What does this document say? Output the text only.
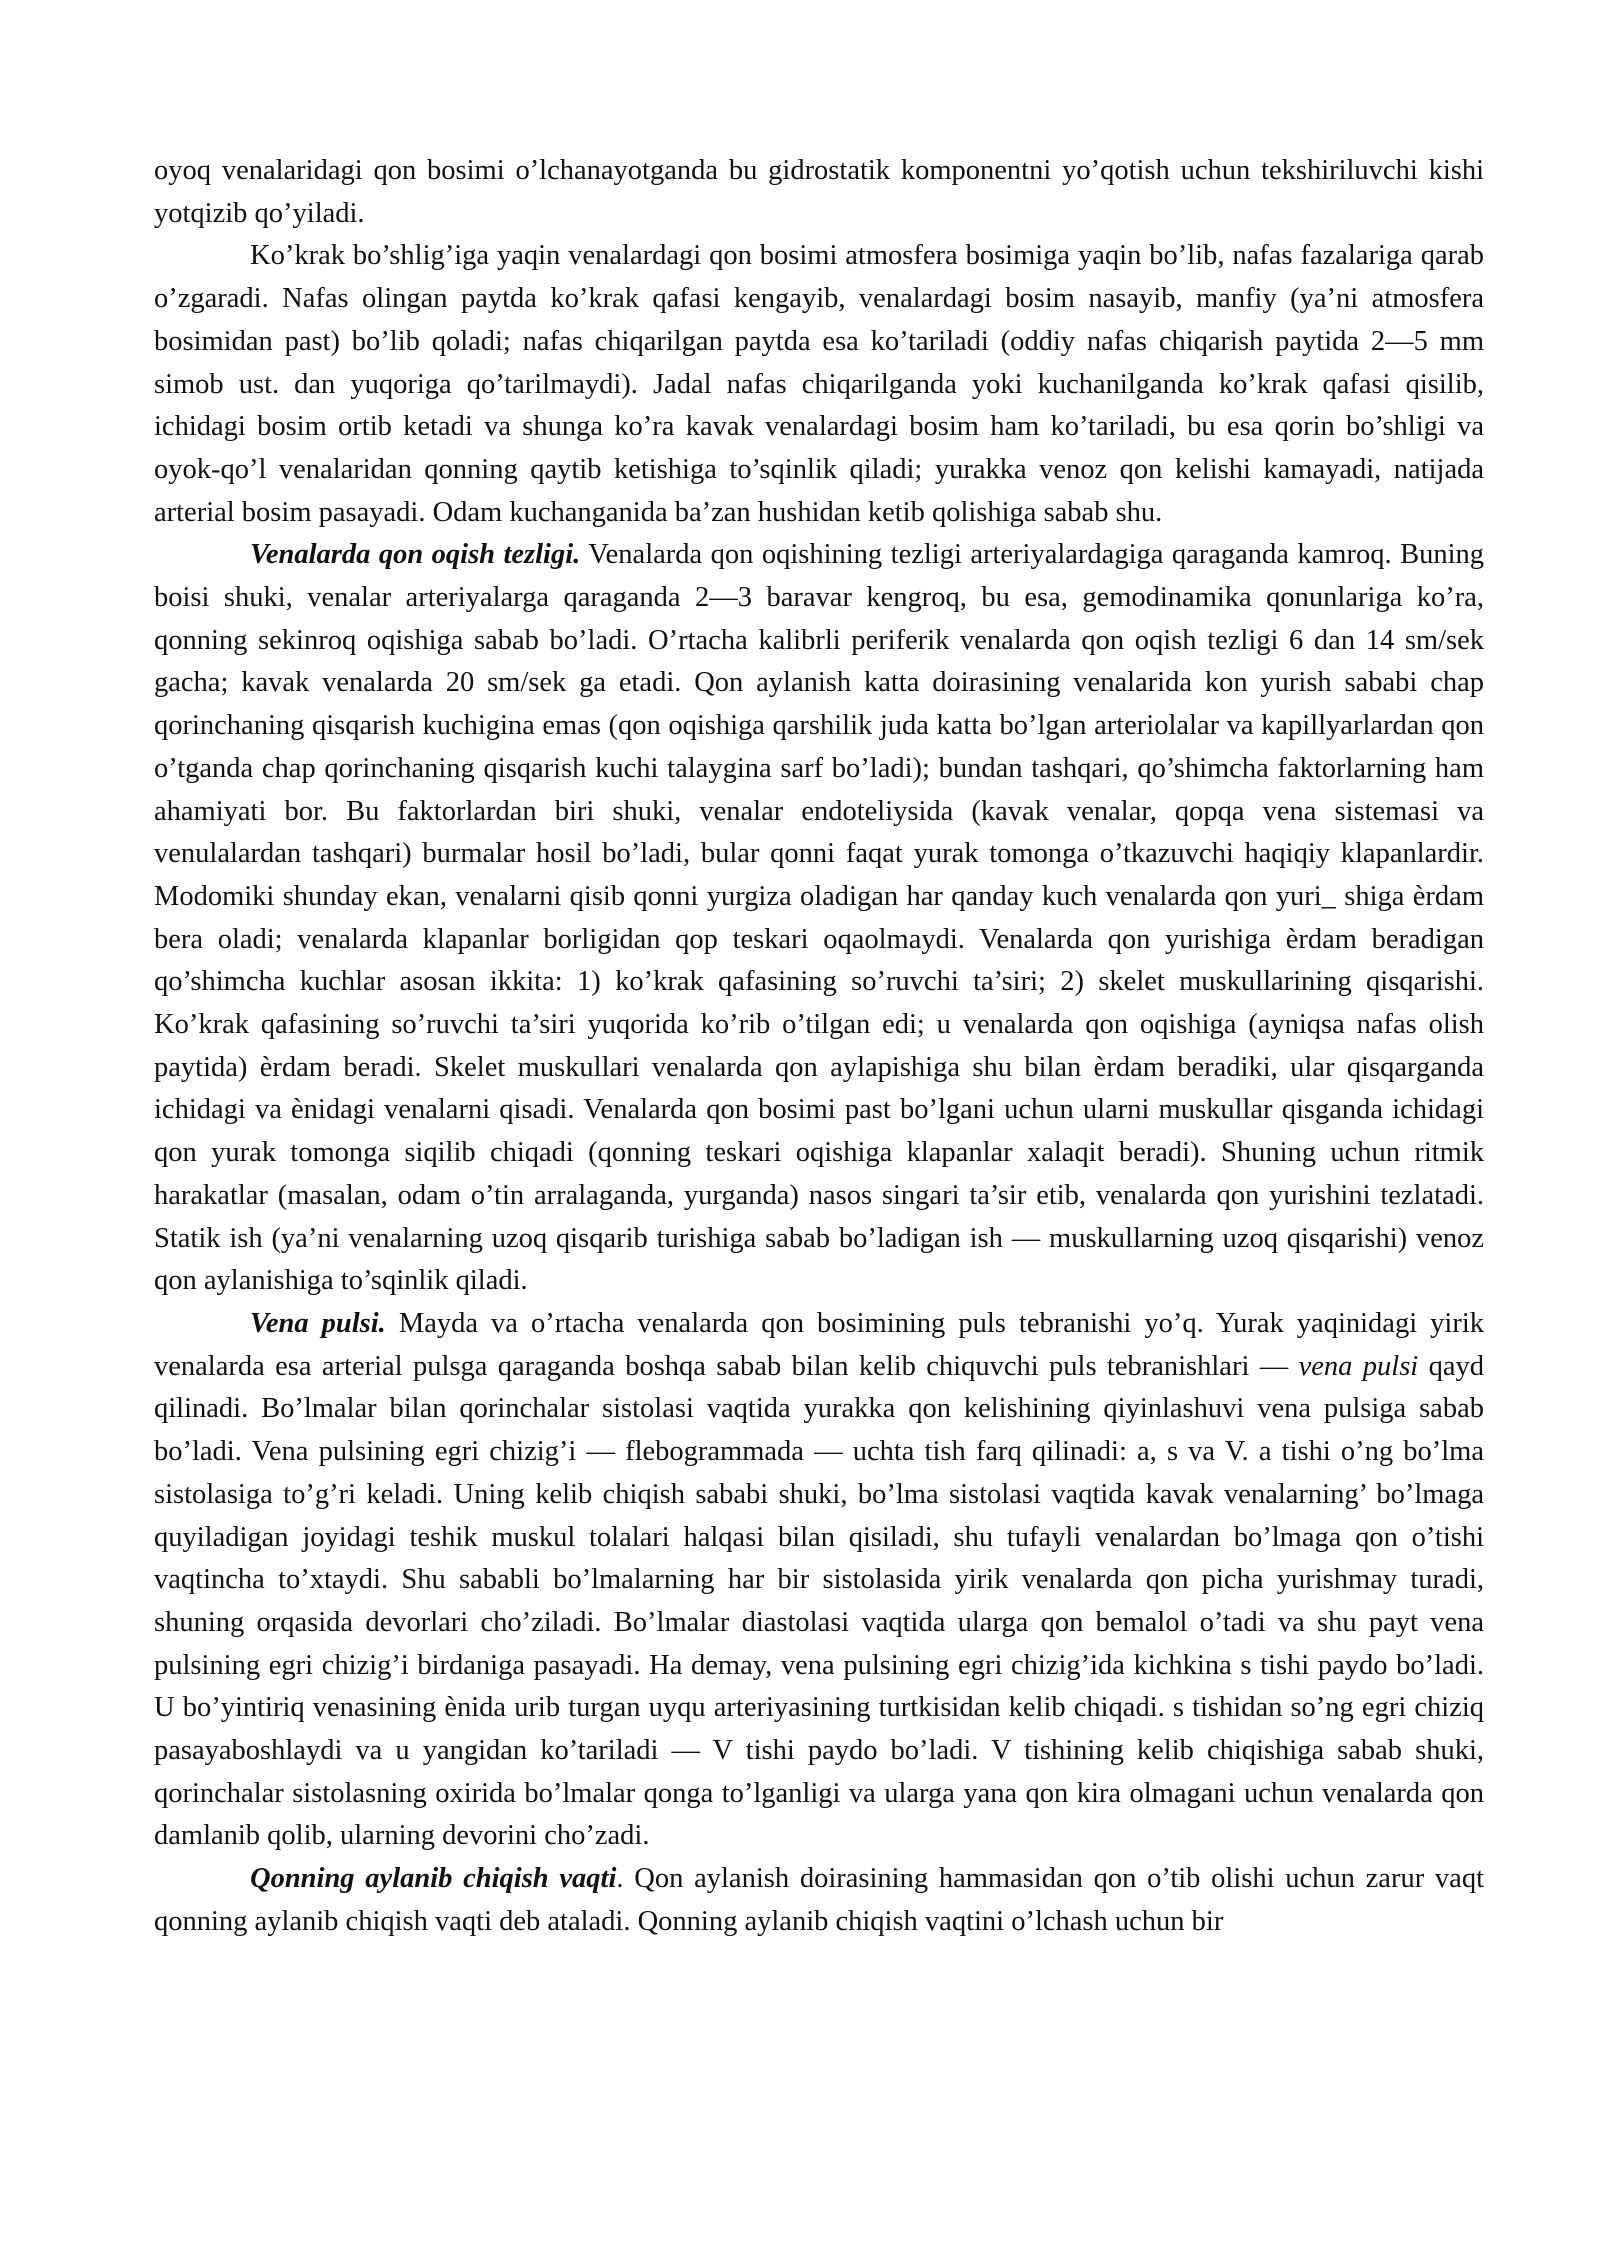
oyoq venalaridagi qon bosimi o’lchanayotganda bu gidrostatik komponentni yo’qotish uchun tekshiriluvchi kishi yotqizib qo’yiladi.

Ko’krak bo’shlig’iga yaqin venalardagi qon bosimi atmosfera bosimiga yaqin bo’lib, nafas fazalariga qarab o’zgaradi. Nafas olingan paytda ko’krak qafasi kengayib, venalardagi bosim nasayib, manfiy (ya’ni atmosfera bosimidan past) bo’lib qoladi; nafas chiqarilgan paytda esa ko’tariladi (oddiy nafas chiqarish paytida 2—5 mm simob ust. dan yuqoriga qo’tarilmaydi). Jadal nafas chiqarilganda yoki kuchanilganda ko’krak qafasi qisilib, ichidagi bosim ortib ketadi va shunga ko’ra kavak venalardagi bosim ham ko’tariladi, bu esa qorin bo’shligi va oyok-qo’l venalaridan qonning qaytib ketishiga to’sqinlik qiladi; yurakka venoz qon kelishi kamayadi, natijada arterial bosim pasayadi. Odam kuchanganida ba’zan hushidan ketib qolishiga sabab shu.

Venalarda qon oqish tezligi. Venalarda qon oqishining tezligi arteriyalardagiga qaraganda kamroq. Buning boisi shuki, venalar arteriyalarga qaraganda 2—3 baravar kengroq, bu esa, gemodinamika qonunlariga ko’ra, qonning sekinroq oqishiga sabab bo’ladi. O’rtacha kalibrli periferik venalarda qon oqish tezligi 6 dan 14 sm/sek gacha; kavak venalarda 20 sm/sek ga etadi. Qon aylanish katta doirasining venalarida kon yurish sababi chap qorinchaning qisqarish kuchigina emas (qon oqishiga qarshilik juda katta bo’lgan arteriolalar va kapillyarlardan qon o’tganda chap qorinchaning qisqarish kuchi talaygina sarf bo’ladi); bundan tashqari, qo’shimcha faktorlarning ham ahamiyati bor. Bu faktorlardan biri shuki, venalar endoteliysida (kavak venalar, qopqa vena sistemasi va venulalardan tashqari) burmalar hosil bo’ladi, bular qonni faqat yurak tomonga o’tkazuvchi haqiqiy klapanlardir. Modomiki shunday ekan, venalarni qisib qonni yurgiza oladigan har qanday kuch venalarda qon yuri_ shiga èrdam bera oladi; venalarda klapanlar borligidan qop teskari oqaolmaydi. Venalarda qon yurishiga èrdam beradigan qo’shimcha kuchlar asosan ikkita: 1) ko’krak qafasining so’ruvchi ta’siri; 2) skelet muskullarining qisqarishi. Ko’krak qafasining so’ruvchi ta’siri yuqorida ko’rib o’tilgan edi; u venalarda qon oqishiga (ayniqsa nafas olish paytida) èrdam beradi. Skelet muskullari venalarda qon aylapishiga shu bilan èrdam beradiki, ular qisqarganda ichidagi va ènidagi venalarni qisadi. Venalarda qon bosimi past bo’lgani uchun ularni muskullar qisganda ichidagi qon yurak tomonga siqilib chiqadi (qonning teskari oqishiga klapanlar xalaqit beradi). Shuning uchun ritmik harakatlar (masalan, odam o’tin arralaganda, yurganda) nasos singari ta’sir etib, venalarda qon yurishini tezlatadi. Statik ish (ya’ni venalarning uzoq qisqarib turishiga sabab bo’ladigan ish — muskullarning uzoq qisqarishi) venoz qon aylanishiga to’sqinlik qiladi.

Vena pulsi. Mayda va o’rtacha venalarda qon bosimining puls tebranishi yo’q. Yurak yaqinidagi yirik venalarda esa arterial pulsga qaraganda boshqa sabab bilan kelib chiquvchi puls tebranishlari — vena pulsi qayd qilinadi. Bo’lmalar bilan qorinchalar sistolasi vaqtida yurakka qon kelishining qiyinlashuvi vena pulsiga sabab bo’ladi. Vena pulsining egri chizig’i — flebogrammada — uchta tish farq qilinadi: a, s va V. a tishi o’ng bo’lma sistolasiga to’g’ri keladi. Uning kelib chiqish sababi shuki, bo’lma sistolasi vaqtida kavak venalarning’ bo’lmaga quyiladigan joyidagi teshik muskul tolalari halqasi bilan qisiladi, shu tufayli venalardan bo’lmaga qon o’tishi vaqtincha to’xtaydi. Shu sababli bo’lmalarning har bir sistolasida yirik venalarda qon picha yurishmay turadi, shuning orqasida devorlari cho’ziladi. Bo’lmalar diastolasi vaqtida ularga qon bemalol o’tadi va shu payt vena pulsining egri chizig’i birdaniga pasayadi. Ha demay, vena pulsining egri chizig’ida kichkina s tishi paydo bo’ladi. U bo’yintiriq venasining ènida urib turgan uyqu arteriyasining turtkisidan kelib chiqadi. s tishidan so’ng egri chiziq pasayaboshlaydi va u yangidan ko’tariladi — V tishi paydo bo’ladi. V tishining kelib chiqishiga sabab shuki, qorinchalar sistolasning oxirida bo’lmalar qonga to’lganligi va ularga yana qon kira olmagani uchun venalarda qon damlanib qolib, ularning devorini cho’zadi.

Qonning aylanib chiqish vaqti. Qon aylanish doirasining hammasidan qon o’tib olishi uchun zarur vaqt qonning aylanib chiqish vaqti deb ataladi. Qonning aylanib chiqish vaqtini o’lchash uchun bir
